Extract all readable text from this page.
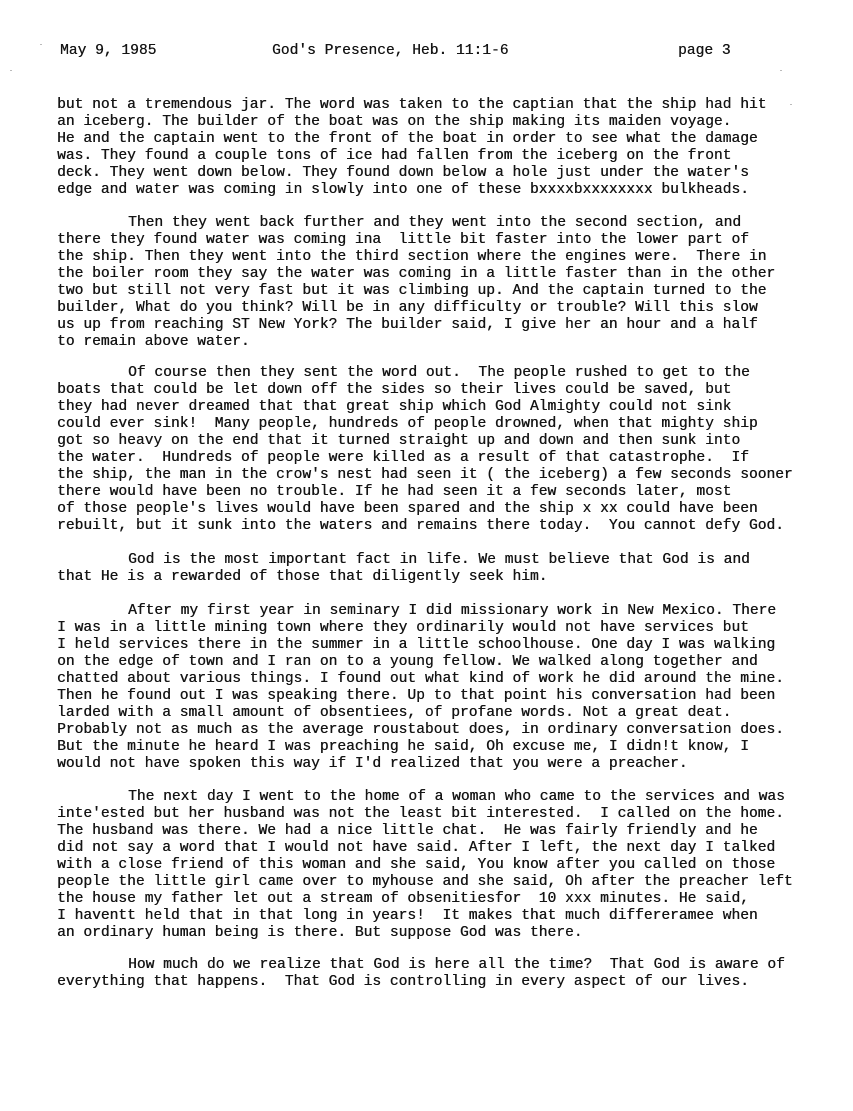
May 9, 1985	God's Presence, Heb. 11:1-6	page 3
but not a tremendous jar. The word was taken to the captian that the ship had hit
an iceberg. The builder of the boat was on the ship making its maiden voyage.
He and the captain went to the front of the boat in order to see what the damage
was. They found a couple tons of ice had fallen from the iceberg on the front
deck. They went down below. They found down below a hole just under the water's
edge and water was coming in slowly into one of these bxxxxbxxxxxxxx bulkheads.
Then they went back further and they went into the second section, and
there they found water was coming ina  little bit faster into the lower part of
the ship. Then they went into the third section where the engines were.  There in
the boiler room they say the water was coming in a little faster than in the other
two but still not very fast but it was climbing up. And the captain turned to the
builder, What do you think? Will be in any difficulty or trouble? Will this slow
us up from reaching ST New York? The builder said, I give her an hour and a half
to remain above water.
Of course then they sent the word out.  The people rushed to get to the
boats that could be let down off the sides so their lives could be saved, but
they had never dreamed that that great ship which God Almighty could not sink
could ever sink!  Many people, hundreds of people drowned, when that mighty ship
got so heavy on the end that it turned straight up and down and then sunk into
the water.  Hundreds of people were killed as a result of that catastrophe.  If
the ship, the man in the crow's nest had seen it ( the iceberg) a few seconds sooner
there would have been no trouble. If he had seen it a few seconds later, most
of those people's lives would have been spared and the ship x xx could have been
rebuilt, but it sunk into the waters and remains there today.  You cannot defy God.
God is the most important fact in life. We must believe that God is and
that He is a rewarded of those that diligently seek him.
After my first year in seminary I did missionary work in New Mexico. There
I was in a little mining town where they ordinarily would not have services but
I held services there in the summer in a little schoolhouse. One day I was walking
on the edge of town and I ran on to a young fellow. We walked along together and
chatted about various things. I found out what kind of work he did around the mine.
Then he found out I was speaking there. Up to that point his conversation had been
larded with a small amount of obsentiees, of profane words. Not a great deat.
Probably not as much as the average roustabout does, in ordinary conversation does.
But the minute he heard I was preaching he said, Oh excuse me, I didn!t know, I
would not have spoken this way if I'd realized that you were a preacher.
The next day I went to the home of a woman who came to the services and was
inte'ested but her husband was not the least bit interested.  I called on the home.
The husband was there. We had a nice little chat.  He was fairly friendly and he
did not say a word that I would not have said. After I left, the next day I talked
with a close friend of this woman and she said, You know after you called on those
people the little girl came over to myhouse and she said, Oh after the preacher left
the house my father let out a stream of obsenitiesfor  10 xxx minutes. He said,
I haventt held that in that long in years!  It makes that much differeramee when
an ordinary human being is there. But suppose God was there.
How much do we realize that God is here all the time?  That God is aware of
everything that happens.  That God is controlling in every aspect of our lives.
